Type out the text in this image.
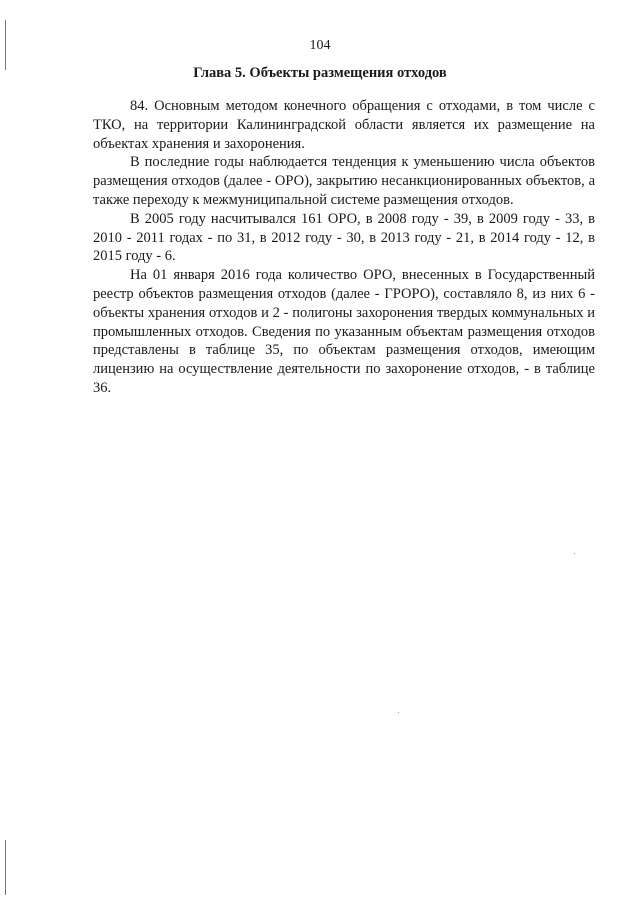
104
Глава 5. Объекты размещения отходов

84. Основным методом конечного обращения с отходами, в том числе с ТКО, на территории Калининградской области является их размещение на объектах хранения и захоронения.

В последние годы наблюдается тенденция к уменьшению числа объектов размещения отходов (далее - ОРО), закрытию несанкционированных объектов, а также переходу к межмуниципальной системе размещения отходов.

В 2005 году насчитывался 161 ОРО, в 2008 году - 39, в 2009 году - 33, в 2010 - 2011 годах - по 31, в 2012 году - 30, в 2013 году - 21, в 2014 году - 12, в 2015 году - 6.

На 01 января 2016 года количество ОРО, внесенных в Государственный реестр объектов размещения отходов (далее - ГРОРО), составляло 8, из них 6 - объекты хранения отходов и 2 - полигоны захоронения твердых коммунальных и промышленных отходов. Сведения по указанным объектам размещения отходов представлены в таблице 35, по объектам размещения отходов, имеющим лицензию на осуществление деятельности по захоронение отходов, - в таблице 36.
